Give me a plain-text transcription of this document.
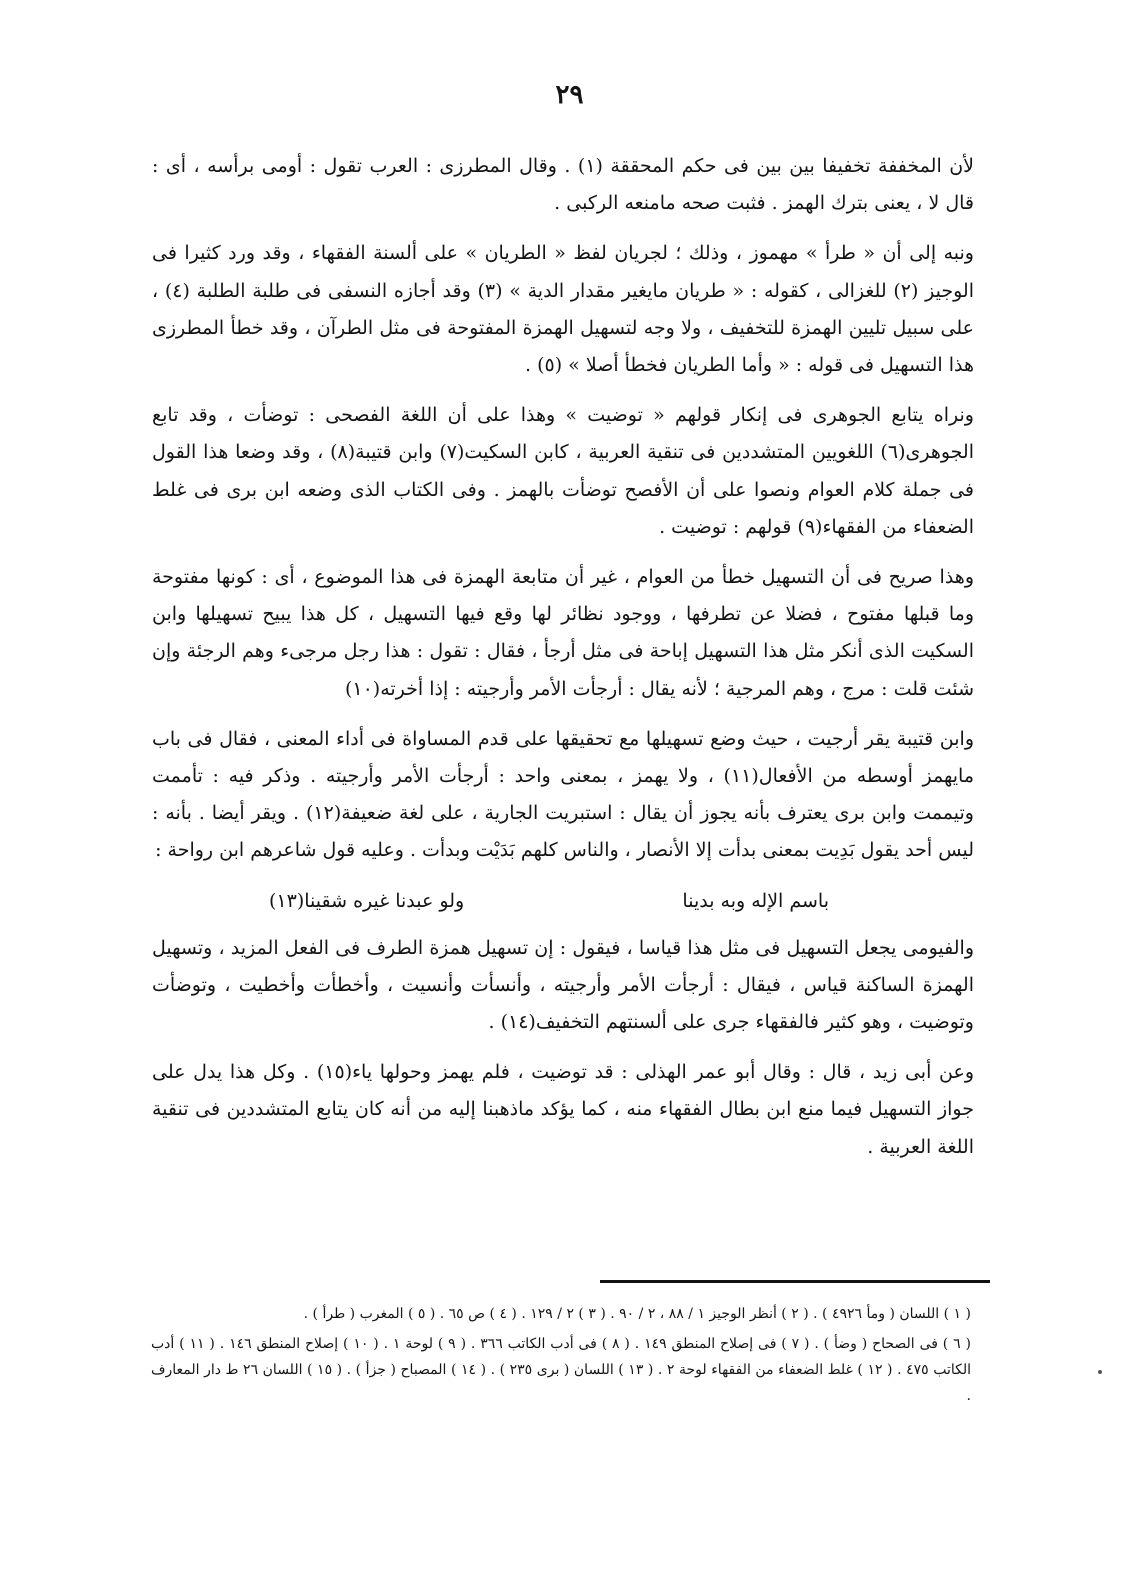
٢٩

لأن المخففة تخفيفا بين بين فى حكم المحققة (١) . وقال المطرزى : العرب تقول : أومى برأسه ، أى : قال لا ، يعنى بترك الهمز . فثبت صحه مامنعه الركبى .

ونبه إلى أن « طرأ » مهموز ، وذلك ؛ لجريان لفظ « الطريان » على ألسنة الفقهاء ، وقد ورد كثيرا فى الوجيز (٢) للغزالى ، كقوله : « طريان مايغير مقدار الدية » (٣) وقد أجازه النسفى فى طلبة الطلبة (٤) ، على سبيل تليين الهمزة للتخفيف ، ولا وجه لتسهيل الهمزة المفتوحة فى مثل الطرآن ، وقد خطأ المطرزى هذا التسهيل فى قوله : « وأما الطريان فخطأ أصلا » (٥) .

ونراه يتابع الجوهرى فى إنكار قولهم « توضيت » وهذا على أن اللغة الفصحى : توضأت ، وقد تابع الجوهرى(٦) اللغويين المتشددين فى تنقية العربية ، كابن السكيت(٧) وابن قتيبة(٨) ، وقد وضعا هذا القول فى جملة كلام العوام ونصوا على أن الأفصح توضأت بالهمز . وفى الكتاب الذى وضعه ابن برى فى غلط الضعفاء من الفقهاء(٩) قولهم : توضيت .

وهذا صريح فى أن التسهيل خطأ من العوام ، غير أن متابعة الهمزة فى هذا الموضوع ، أى : كونها مفتوحة وما قبلها مفتوح ، فضلا عن تطرفها ، ووجود نظائر لها وقع فيها التسهيل ، كل هذا يبيح تسهيلها وابن السكيت الذى أنكر مثل هذا التسهيل إباحة فى مثل أرجأ ، فقال : تقول : هذا رجل مرجىء وهم الرجئة وإن شئت قلت : مرج ، وهم المرجية ؛ لأنه يقال : أرجأت الأمر وأرجيته : إذا أخرته(١٠)

وابن قتيبة يقر أرجيت ، حيث وضع تسهيلها مع تحقيقها على قدم المساواة فى أداء المعنى ، فقال فى باب مايهمز أوسطه من الأفعال(١١) ، ولا يهمز ، بمعنى واحد : أرجأت الأمر وأرجيته . وذكر فيه : تأممت وتيممت وابن برى يعترف بأنه يجوز أن يقال : استبريت الجارية ، على لغة ضعيفة(١٢) . ويقر أيضا . بأنه : ليس أحد يقول بَدِيت بمعنى بدأت إلا الأنصار ، والناس كلهم بَدَيْت وبدأت . وعليه قول شاعرهم ابن رواحة :

باسم الإله وبه بدينا
ولو عبدنا غيره شقينا(١٣)

والفيومى يجعل التسهيل فى مثل هذا قياسا ، فيقول : إن تسهيل همزة الطرف فى الفعل المزيد ، وتسهيل الهمزة الساكنة قياس ، فيقال : أرجأت الأمر وأرجيته ، وأنسأت وأنسيت ، وأخطأت وأخطيت ، وتوضأت وتوضيت ، وهو كثير فالفقهاء جرى على ألسنتهم التخفيف(١٤) .

وعن أبى زيد ، قال : وقال أبو عمر الهذلى : قد توضيت ، فلم يهمز وحولها ياء(١٥) . وكل هذا يدل على جواز التسهيل فيما منع ابن بطال الفقهاء منه ، كما يؤكد ماذهبنا إليه من أنه كان يتابع المتشددين فى تنقية اللغة العربية .

( ١ ) اللسان ( ومأ ٤٩٢٦ ) . ( ٢ ) أنظر الوجيز ١ / ٨٨ ، ٢ / ٩٠ . ( ٣ ) ٢ / ١٢٩ . ( ٤ ) ص ٦٥ . ( ٥ ) المغرب ( طرأ ) .

( ٦ ) فى الصحاح ( وضأ ) . ( ٧ ) فى إصلاح المنطق ١٤٩ . ( ٨ ) فى أدب الكاتب ٣٦٦ . ( ٩ ) لوحة ١ . ( ١٠ ) إصلاح المنطق ١٤٦ . ( ١١ ) أدب الكاتب ٤٧٥ . ( ١٢ ) غلط الضعفاء من الفقهاء لوحة ٢ . ( ١٣ ) اللسان ( برى ٢٣٥ ) . ( ١٤ ) المصباح ( جزأ ) . ( ١٥ ) اللسان ٢٦ ط دار المعارف .
